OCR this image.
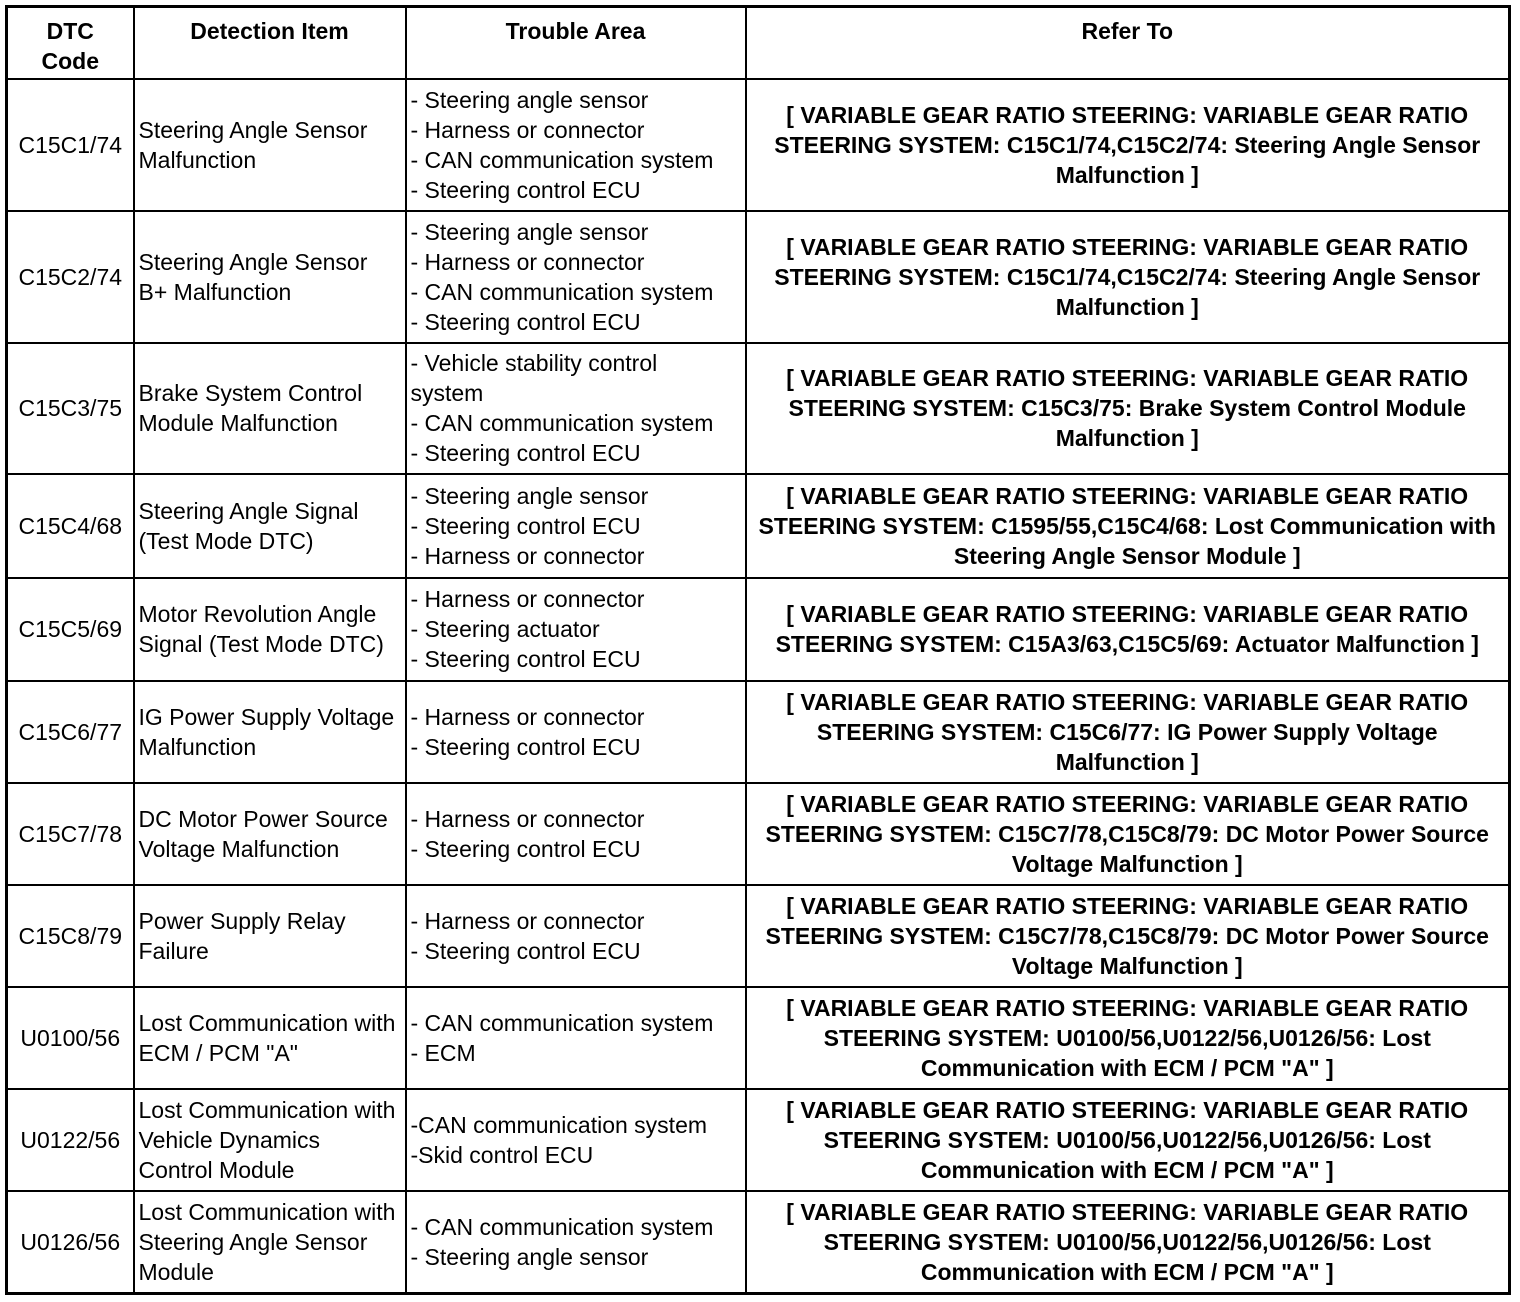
DTC
Code	Detection Item	Trouble Area	Refer To
C15C1/74	Steering Angle Sensor Malfunction	- Steering angle sensor
- Harness or connector
- CAN communication system
- Steering control ECU	[ VARIABLE GEAR RATIO STEERING: VARIABLE GEAR RATIO STEERING SYSTEM: C15C1/74,C15C2/74: Steering Angle Sensor Malfunction ]
C15C2/74	Steering Angle Sensor B+ Malfunction	- Steering angle sensor
- Harness or connector
- CAN communication system
- Steering control ECU	[ VARIABLE GEAR RATIO STEERING: VARIABLE GEAR RATIO STEERING SYSTEM: C15C1/74,C15C2/74: Steering Angle Sensor Malfunction ]
C15C3/75	Brake System Control Module Malfunction	- Vehicle stability control
system
- CAN communication system
- Steering control ECU	[ VARIABLE GEAR RATIO STEERING: VARIABLE GEAR RATIO STEERING SYSTEM: C15C3/75: Brake System Control Module Malfunction ]
C15C4/68	Steering Angle Signal (Test Mode DTC)	- Steering angle sensor
- Steering control ECU
- Harness or connector	[ VARIABLE GEAR RATIO STEERING: VARIABLE GEAR RATIO STEERING SYSTEM: C1595/55,C15C4/68: Lost Communication with Steering Angle Sensor Module ]
C15C5/69	Motor Revolution Angle Signal (Test Mode DTC)	- Harness or connector
- Steering actuator
- Steering control ECU	[ VARIABLE GEAR RATIO STEERING: VARIABLE GEAR RATIO STEERING SYSTEM: C15A3/63,C15C5/69: Actuator Malfunction ]
C15C6/77	IG Power Supply Voltage Malfunction	- Harness or connector
- Steering control ECU	[ VARIABLE GEAR RATIO STEERING: VARIABLE GEAR RATIO STEERING SYSTEM: C15C6/77: IG Power Supply Voltage Malfunction ]
C15C7/78	DC Motor Power Source Voltage Malfunction	- Harness or connector
- Steering control ECU	[ VARIABLE GEAR RATIO STEERING: VARIABLE GEAR RATIO STEERING SYSTEM: C15C7/78,C15C8/79: DC Motor Power Source Voltage Malfunction ]
C15C8/79	Power Supply Relay Failure	- Harness or connector
- Steering control ECU	[ VARIABLE GEAR RATIO STEERING: VARIABLE GEAR RATIO STEERING SYSTEM: C15C7/78,C15C8/79: DC Motor Power Source Voltage Malfunction ]
U0100/56	Lost Communication with ECM / PCM "A"	- CAN communication system
- ECM	[ VARIABLE GEAR RATIO STEERING: VARIABLE GEAR RATIO STEERING SYSTEM: U0100/56,U0122/56,U0126/56: Lost Communication with ECM / PCM "A" ]
U0122/56	Lost Communication with Vehicle Dynamics Control Module	-CAN communication system
-Skid control ECU	[ VARIABLE GEAR RATIO STEERING: VARIABLE GEAR RATIO STEERING SYSTEM: U0100/56,U0122/56,U0126/56: Lost Communication with ECM / PCM "A" ]
U0126/56	Lost Communication with Steering Angle Sensor Module	- CAN communication system
- Steering angle sensor	[ VARIABLE GEAR RATIO STEERING: VARIABLE GEAR RATIO STEERING SYSTEM: U0100/56,U0122/56,U0126/56: Lost Communication with ECM / PCM "A" ]
